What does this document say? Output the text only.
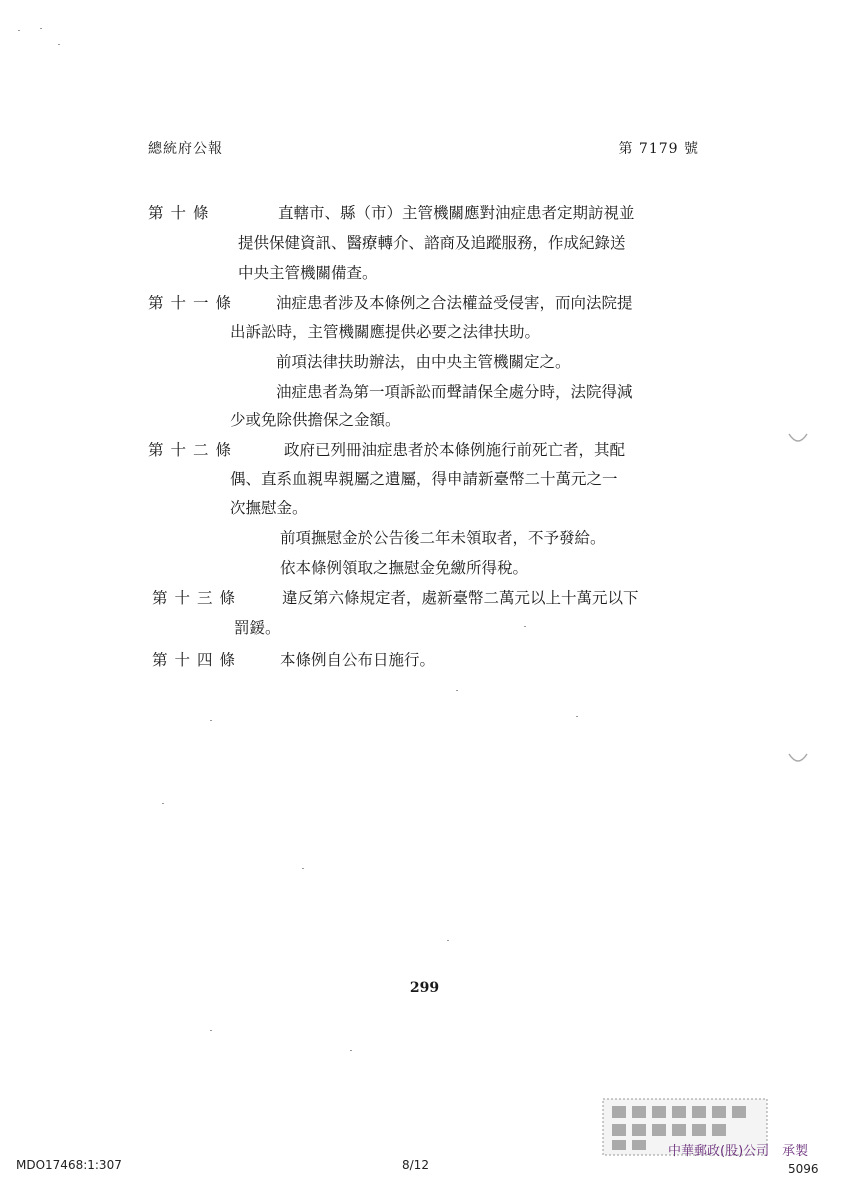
總統府公報	第 7179 號
第十條	直轄市、縣（市）主管機關應對油症患者定期訪視並
提供保健資訊、醫療轉介、諮商及追蹤服務，作成紀錄送
中央主管機關備查。
第十一條 油症患者涉及本條例之合法權益受侵害，而向法院提
出訴訟時，主管機關應提供必要之法律扶助。
前項法律扶助辦法，由中央主管機關定之。
油症患者為第一項訴訟而聲請保全處分時，法院得減
少或免除供擔保之金額。
第十二條	政府已列冊油症患者於本條例施行前死亡者，其配
偶、直系血親卑親屬之遺屬，得申請新臺幣二十萬元之一
次撫慰金。
前項撫慰金於公告後二年未領取者，不予發給。
依本條例領取之撫慰金免繳所得稅。
第十三條	違反第六條規定者，處新臺幣二萬元以上十萬元以下
罰鍰。
第十四條 本條例自公布日施行。
299
中華郵政(股)公司　承製
MDO17468:1:307	8/12	5096
